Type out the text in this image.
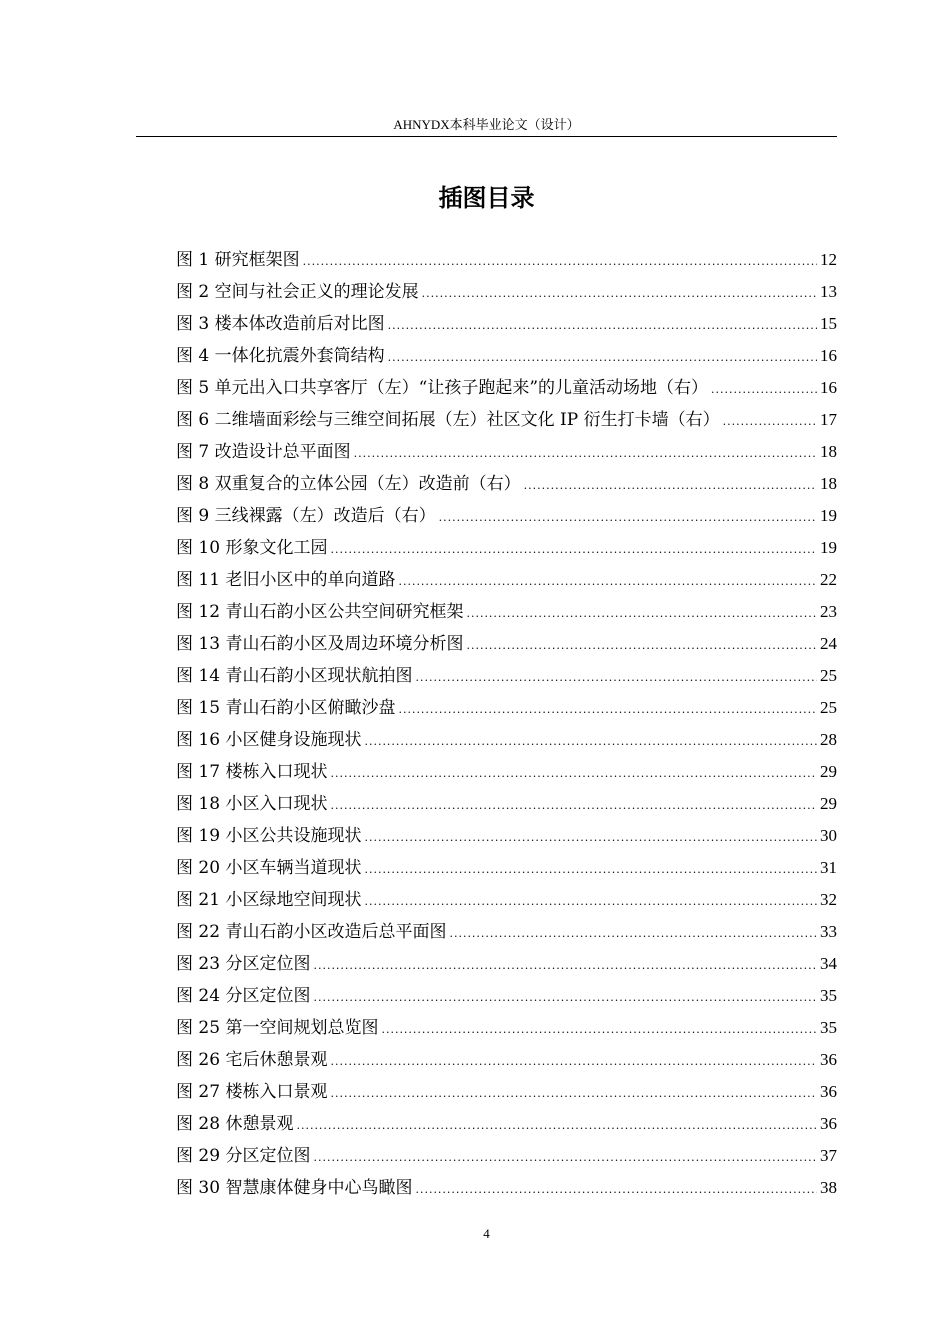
AHNYDX本科毕业论文（设计）
插图目录
图 1 研究框架图 .....	12
图 2 空间与社会正义的理论发展 .....	13
图 3 楼本体改造前后对比图 .....	15
图 4 一体化抗震外套筒结构 .....	16
图 5 单元出入口共享客厅（左）“让孩子跑起来”的儿童活动场地（右） .....	16
图 6 二维墙面彩绘与三维空间拓展（左）社区文化 IP 衍生打卡墙（右） .....	17
图 7 改造设计总平面图 .....	18
图 8 双重复合的立体公园（左）改造前（右） .....	18
图 9 三线裸露（左）改造后（右） .....	19
图 10 形象文化工园 .....	19
图 11 老旧小区中的单向道路 .....	22
图 12 青山石韵小区公共空间研究框架 .....	23
图 13 青山石韵小区及周边环境分析图 .....	24
图 14 青山石韵小区现状航拍图 .....	25
图 15 青山石韵小区俯瞰沙盘 .....	25
图 16 小区健身设施现状 .....	28
图 17 楼栋入口现状 .....	29
图 18 小区入口现状 .....	29
图 19 小区公共设施现状 .....	30
图 20 小区车辆当道现状 .....	31
图 21 小区绿地空间现状 .....	32
图 22 青山石韵小区改造后总平面图 .....	33
图 23 分区定位图 .....	34
图 24 分区定位图 .....	35
图 25 第一空间规划总览图 .....	35
图 26 宅后休憩景观 .....	36
图 27 楼栋入口景观 .....	36
图 28 休憩景观 .....	36
图 29 分区定位图 .....	37
图 30 智慧康体健身中心鸟瞰图 .....	38
4
